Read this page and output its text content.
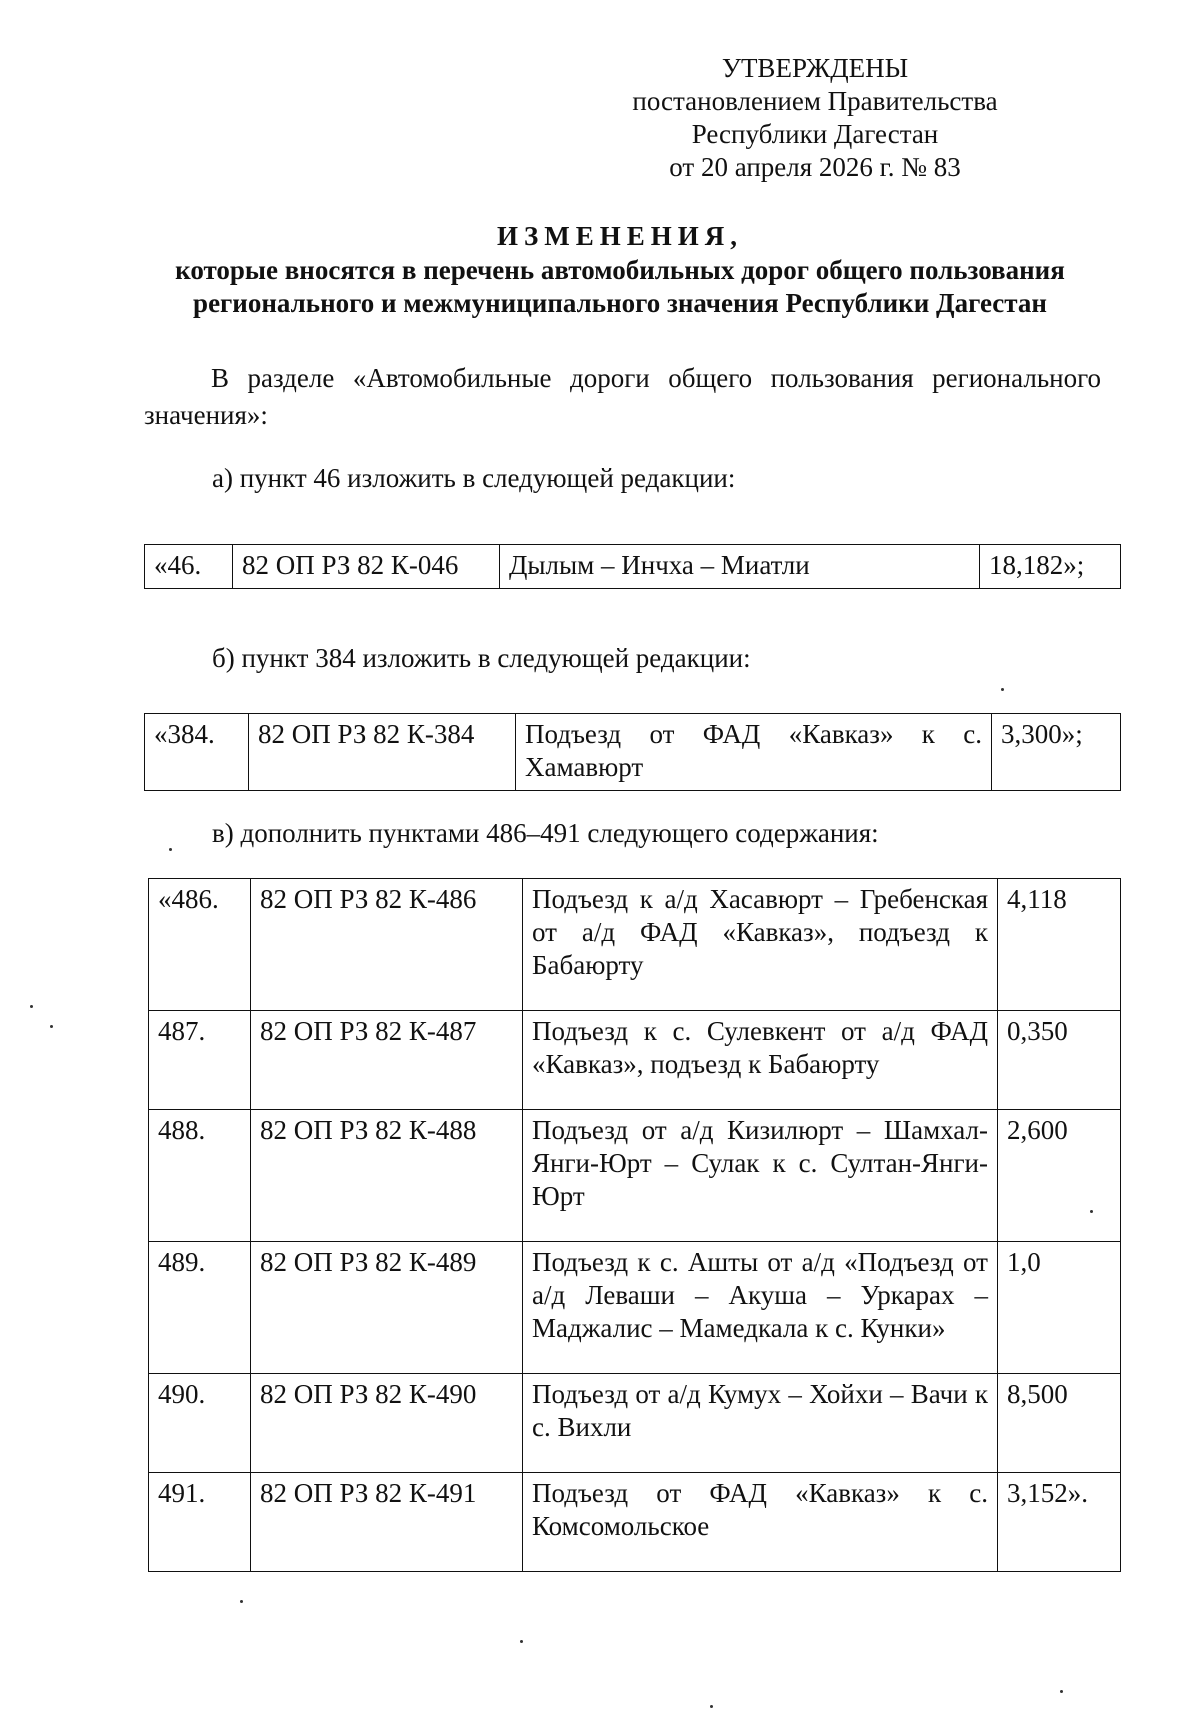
УТВЕРЖДЕНЫ
постановлением Правительства
Республики Дагестан
от 20 апреля 2026 г. № 83
ИЗМЕНЕНИЯ,
которые вносятся в перечень автомобильных дорог общего пользования
регионального и межмуниципального значения Республики Дагестан
В разделе «Автомобильные дороги общего пользования регионального значения»:
а) пункт 46 изложить в следующей редакции:
«46.	82 ОП РЗ 82 К-046	Дылым – Инчха – Миатли	18,182»;
б) пункт 384 изложить в следующей редакции:
«384.	82 ОП РЗ 82 К-384	Подъезд от ФАД «Кавказ» к с. Хамавюрт	3,300»;
в) дополнить пунктами 486–491 следующего содержания:
«486.	82 ОП РЗ 82 К-486	Подъезд к а/д Хасавюрт – Гребенская от а/д ФАД «Кавказ», подъезд к Бабаюрту	4,118
487.	82 ОП РЗ 82 К-487	Подъезд к с. Сулевкент от а/д ФАД «Кавказ», подъезд к Бабаюрту	0,350
488.	82 ОП РЗ 82 К-488	Подъезд от а/д Кизилюрт – Шамхал-Янги-Юрт – Сулак к с. Султан-Янги-Юрт	2,600
489.	82 ОП РЗ 82 К-489	Подъезд к с. Ашты от а/д «Подъезд от а/д Леваши – Акуша – Уркарах – Маджалис – Мамедкала к с. Кунки»	1,0
490.	82 ОП РЗ 82 К-490	Подъезд от а/д Кумух – Хойхи – Вачи к с. Вихли	8,500
491.	82 ОП РЗ 82 К-491	Подъезд от ФАД «Кавказ» к с. Комсомольское	3,152».
